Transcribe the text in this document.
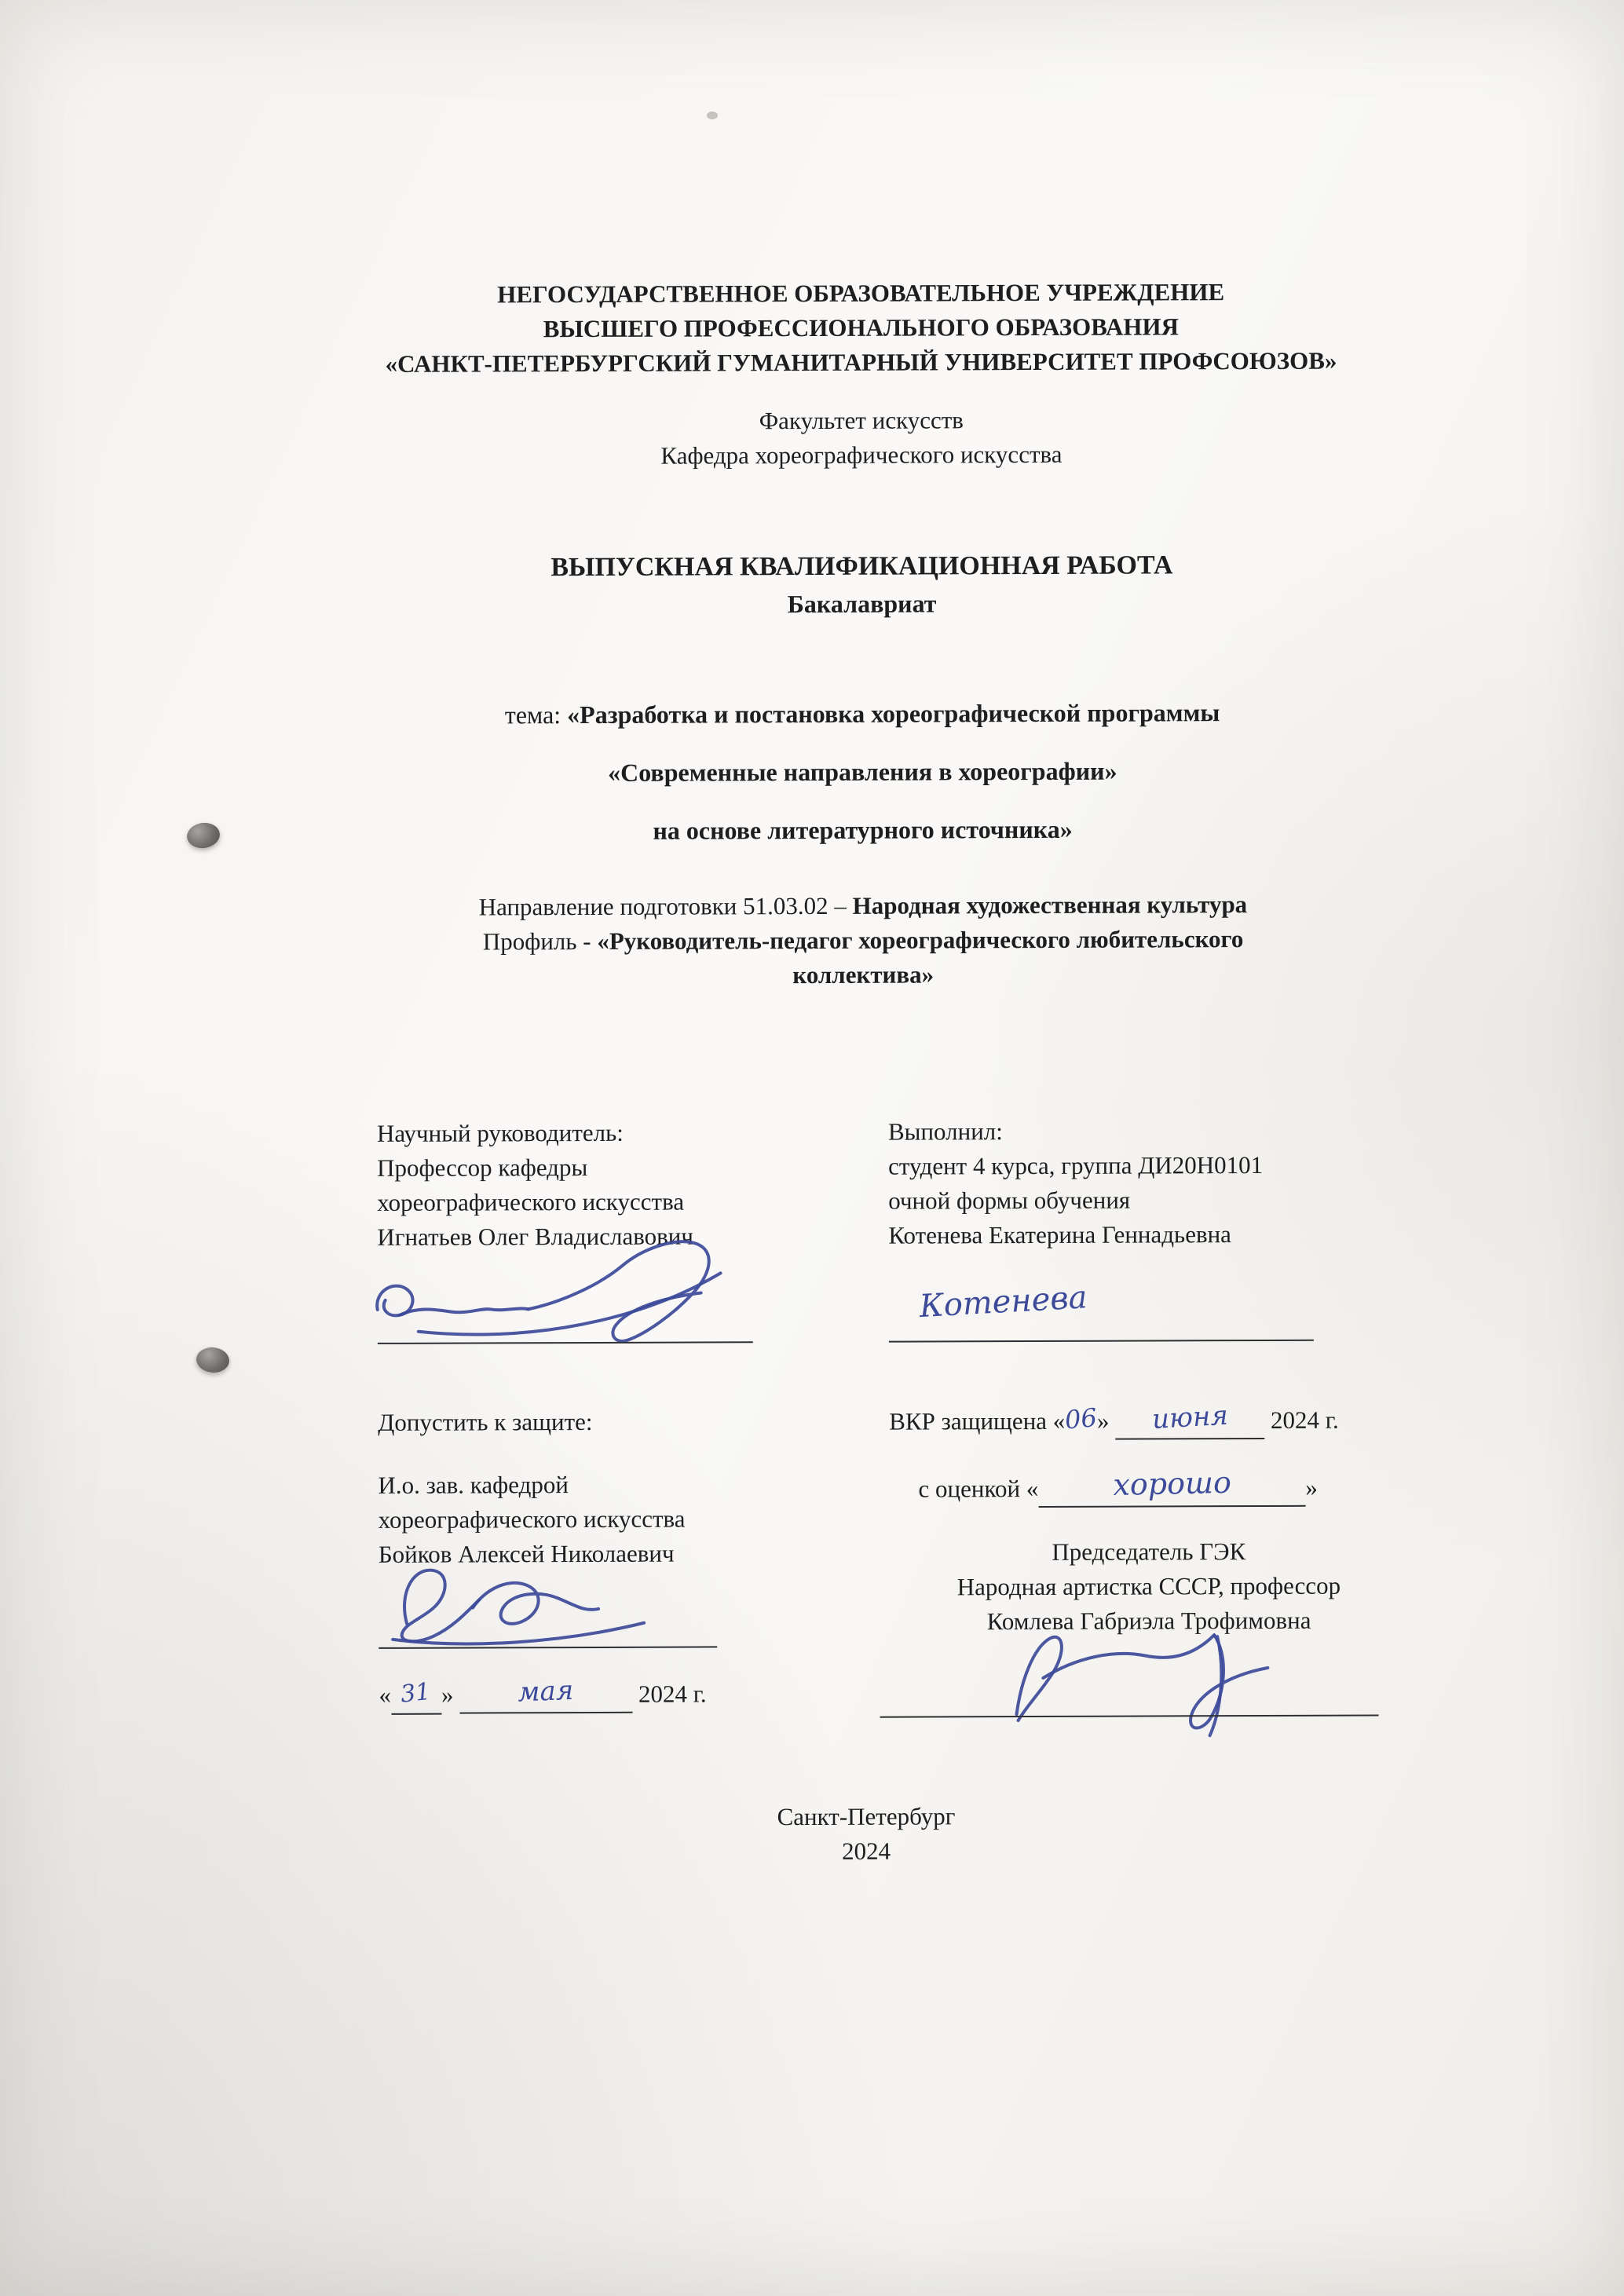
НЕГОСУДАРСТВЕННОЕ ОБРАЗОВАТЕЛЬНОЕ УЧРЕЖДЕНИЕ
ВЫСШЕГО ПРОФЕССИОНАЛЬНОГО ОБРАЗОВАНИЯ
«САНКТ-ПЕТЕРБУРГСКИЙ ГУМАНИТАРНЫЙ УНИВЕРСИТЕТ ПРОФСОЮЗОВ»
Факультет искусств
Кафедра хореографического искусства
ВЫПУСКНАЯ КВАЛИФИКАЦИОННАЯ РАБОТА
Бакалавриат
тема: «Разработка и постановка хореографической программы
«Современные направления в хореографии»
на основе литературного источника»
Направление подготовки 51.03.02 – Народная художественная культура
Профиль - «Руководитель-педагог хореографического любительского
коллектива»
Научный руководитель:
Профессор кафедры
хореографического искусства
Игнатьев Олег Владиславович
Выполнил:
студент 4 курса, группа ДИ20Н0101
очной формы обучения
Котенева Екатерина Геннадьевна
Котенева
Допустить к защите:	ВКР защищена «06» июня 2024 г.
И.о. зав. кафедрой
хореографического искусства
Бойков Алексей Николаевич
с оценкой « хорошо	»
Председатель ГЭК
Народная артистка СССР, профессор
Комлева Габриэла Трофимовна
« 31 » мая	2024 г.
Санкт-Петербург
2024
